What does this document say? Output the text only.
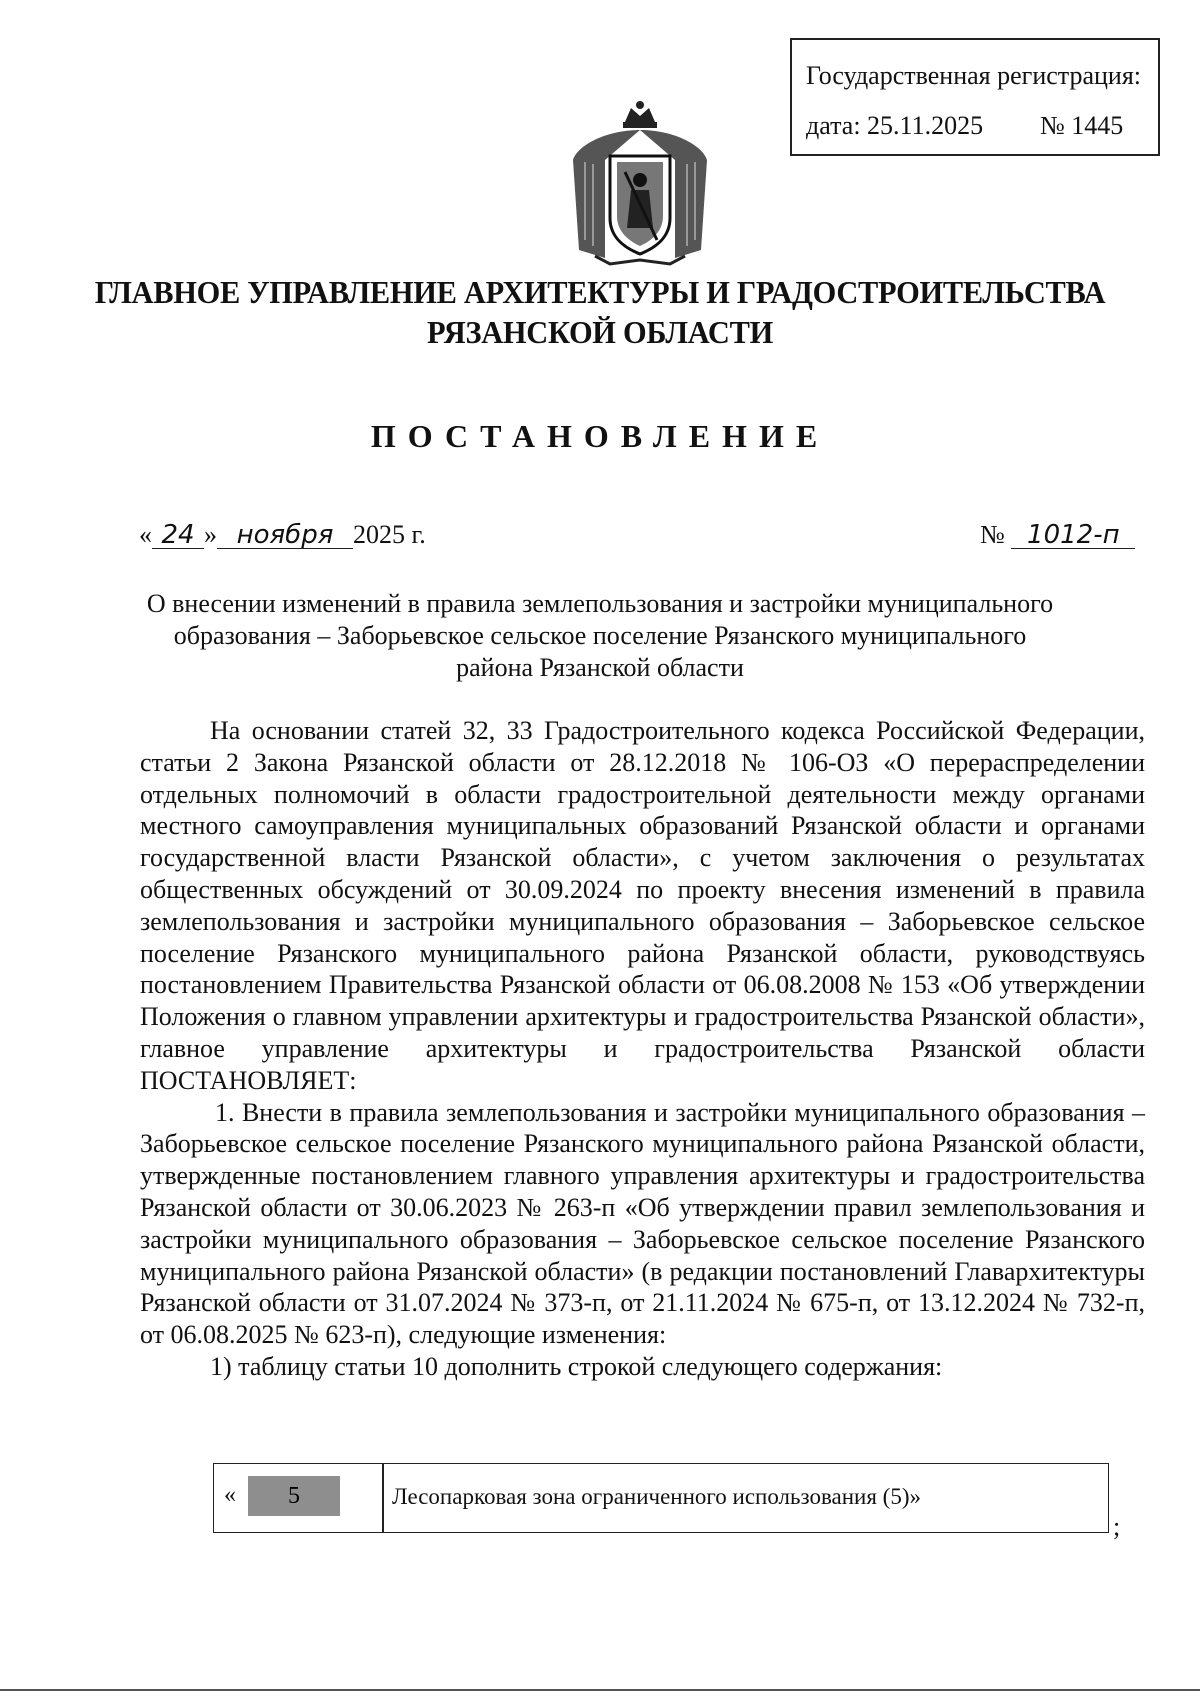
Государственная регистрация:
дата: 25.11.2025 № 1445
ГЛАВНОЕ УПРАВЛЕНИЕ АРХИТЕКТУРЫ И ГРАДОСТРОИТЕЛЬСТВА
РЯЗАНСКОЙ ОБЛАСТИ
ПОСТАНОВЛЕНИЕ
« 24 » ноября 2025 г.	№ 1012-п
О внесении изменений в правила землепользования и застройки муниципального
образования – Заборьевское сельское поселение Рязанского муниципального
района Рязанской области

На основании статей 32, 33 Градостроительного кодекса Российской Федерации, статьи 2 Закона Рязанской области от 28.12.2018 № 106-ОЗ «О перераспределении отдельных полномочий в области градостроительной деятельности между органами местного самоуправления муниципальных образований Рязанской области и органами государственной власти Рязанской области», с учетом заключения о результатах общественных обсуждений от 30.09.2024 по проекту внесения изменений в правила землепользования и застройки муниципального образования – Заборьевское сельское поселение Рязанского муниципального района Рязанской области, руководствуясь постановлением Правительства Рязанской области от 06.08.2008 № 153 «Об утверждении Положения о главном управлении архитектуры и градостроительства Рязанской области», главное управление архитектуры и градостроительства Рязанской области ПОСТАНОВЛЯЕТ:

1. Внести в правила землепользования и застройки муниципального образования – Заборьевское сельское поселение Рязанского муниципального района Рязанской области, утвержденные постановлением главного управления архитектуры и градостроительства Рязанской области от 30.06.2023 № 263-п «Об утверждении правил землепользования и застройки муниципального образования – Заборьевское сельское поселение Рязанского муниципального района Рязанской области» (в редакции постановлений Главархитектуры Рязанской области от 31.07.2024 № 373-п, от 21.11.2024 № 675-п, от 13.12.2024 № 732-п, от 06.08.2025 № 623-п), следующие изменения:

1) таблицу статьи 10 дополнить строкой следующего содержания:

«	5	Лесопарковая зона ограниченного использования (5)»
;
